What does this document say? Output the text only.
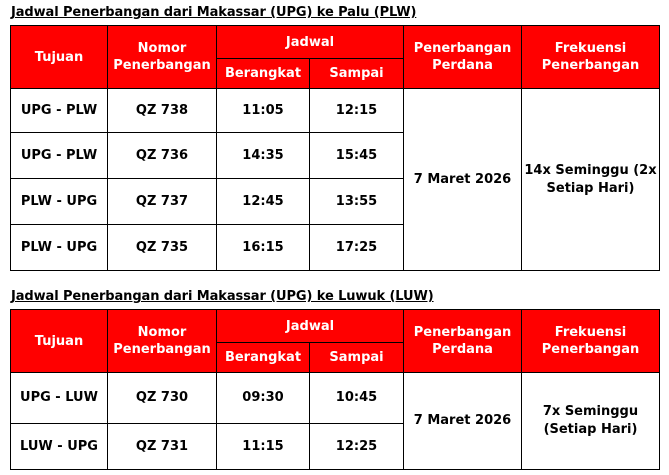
Jadwal Penerbangan dari Makassar (UPG) ke Palu (PLW)
Tujuan	Nomor Penerbangan	Jadwal		Penerbangan Perdana	Frekuensi Penerbangan
		Berangkat	Sampai		
UPG - PLW	QZ 738	11:05	12:15	7 Maret 2026	14x Seminggu (2x Setiap Hari)
UPG - PLW	QZ 736	14:35	15:45		
PLW - UPG	QZ 737	12:45	13:55		
PLW - UPG	QZ 735	16:15	17:25		
Jadwal Penerbangan dari Makassar (UPG) ke Luwuk (LUW)
Tujuan	Nomor Penerbangan	Jadwal		Penerbangan Perdana	Frekuensi Penerbangan
		Berangkat	Sampai		
UPG - LUW	QZ 730	09:30	10:45	7 Maret 2026	7x Seminggu (Setiap Hari)
LUW - UPG	QZ 731	11:15	12:25		
